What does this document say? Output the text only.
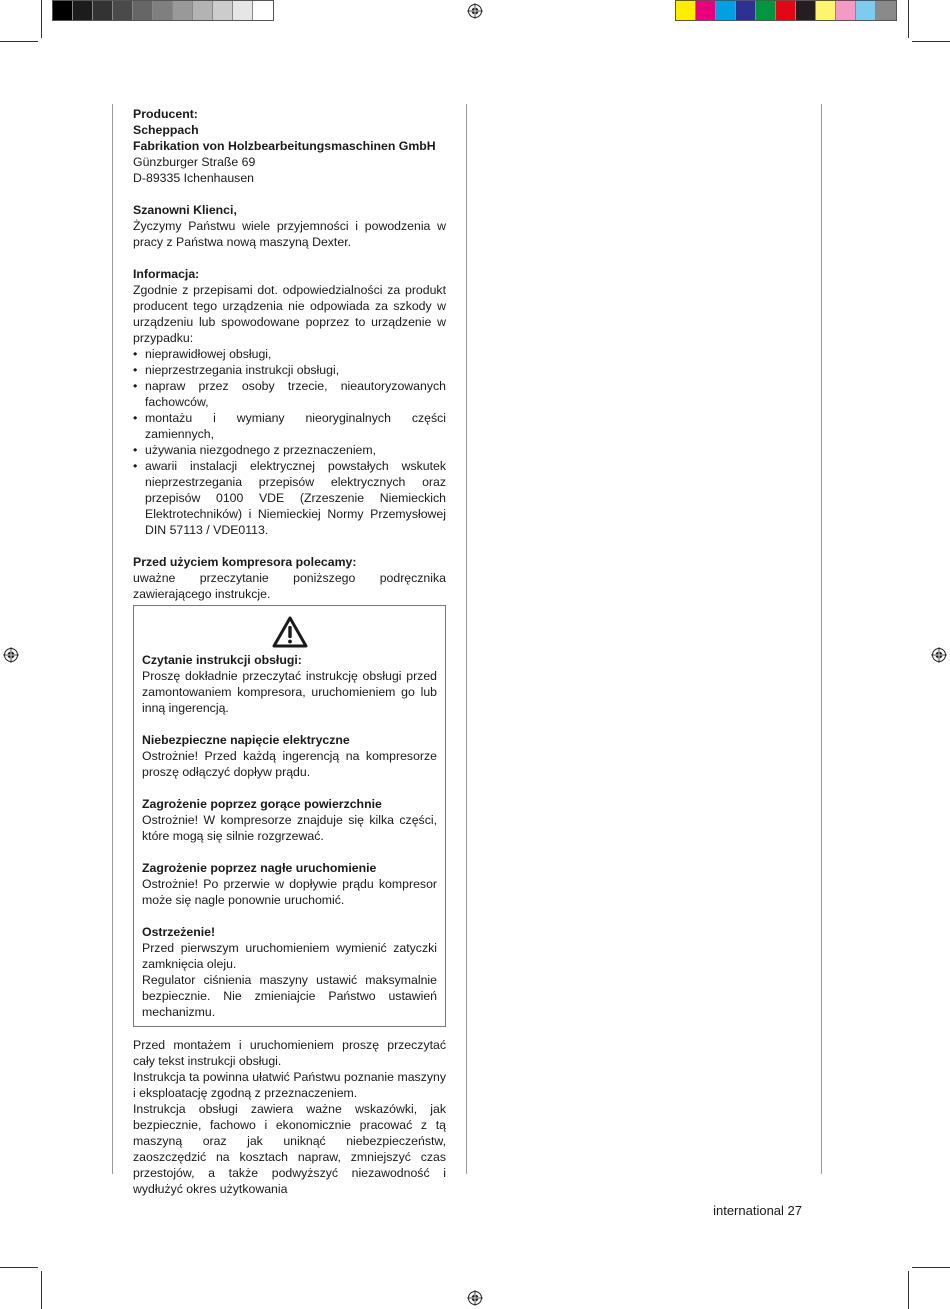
Producent:

Scheppach

Fabrikation von Holzbearbeitungsmaschinen GmbH

Günzburger Straße 69

D-89335 Ichenhausen

Szanowni Klienci,

Życzymy Państwu wiele przyjemności i powodzenia w pracy z Państwa nową maszyną Dexter.

Informacja:

Zgodnie z przepisami dot. odpowiedzialności za produkt producent tego urządzenia nie odpowiada za szkody w urządzeniu lub spowodowane poprzez to urządzenie w przypadku:

• nieprawidłowej obsługi,
• nieprzestrzegania instrukcji obsługi,
• napraw przez osoby trzecie, nieautoryzowanych fachowców,
• montażu i wymiany nieoryginalnych części zamiennych,
• używania niezgodnego z przeznaczeniem,
• awarii instalacji elektrycznej powstałych wskutek nieprzestrzegania przepisów elektrycznych oraz przepisów 0100 VDE (Zrzeszenie Niemieckich Elektrotechników) i Niemieckiej Normy Przemysłowej DIN 57113 / VDE0113.

Przed użyciem kompresora polecamy:

uważne przeczytanie poniższego podręcznika zawierającego instrukcje.

Czytanie instrukcji obsługi:

Proszę dokładnie przeczytać instrukcję obsługi przed zamontowaniem kompresora, uruchomieniem go lub inną ingerencją.

Niebezpieczne napięcie elektryczne

Ostrożnie! Przed każdą ingerencją na kompresorze proszę odłączyć dopływ prądu.

Zagrożenie poprzez gorące powierzchnie

Ostrożnie! W kompresorze znajduje się kilka części, które mogą się silnie rozgrzewać.

Zagrożenie poprzez nagłe uruchomienie

Ostrożnie! Po przerwie w dopływie prądu kompresor może się nagle ponownie uruchomić.

Ostrzeżenie!

Przed pierwszym uruchomieniem wymienić zatyczki zamknięcia oleju.

Regulator ciśnienia maszyny ustawić maksymalnie bezpiecznie. Nie zmieniajcie Państwo ustawień mechanizmu.

Przed montażem i uruchomieniem proszę przeczytać cały tekst instrukcji obsługi.

Instrukcja ta powinna ułatwić Państwu poznanie maszyny i eksploatację zgodną z przeznaczeniem.

Instrukcja obsługi zawiera ważne wskazówki, jak bezpiecznie, fachowo i ekonomicznie pracować z tą maszyną oraz jak uniknąć niebezpieczeństw, zaoszczędzić na kosztach napraw, zmniejszyć czas przestojów, a także podwyższyć niezawodność i wydłużyć okres użytkowania

international 27
